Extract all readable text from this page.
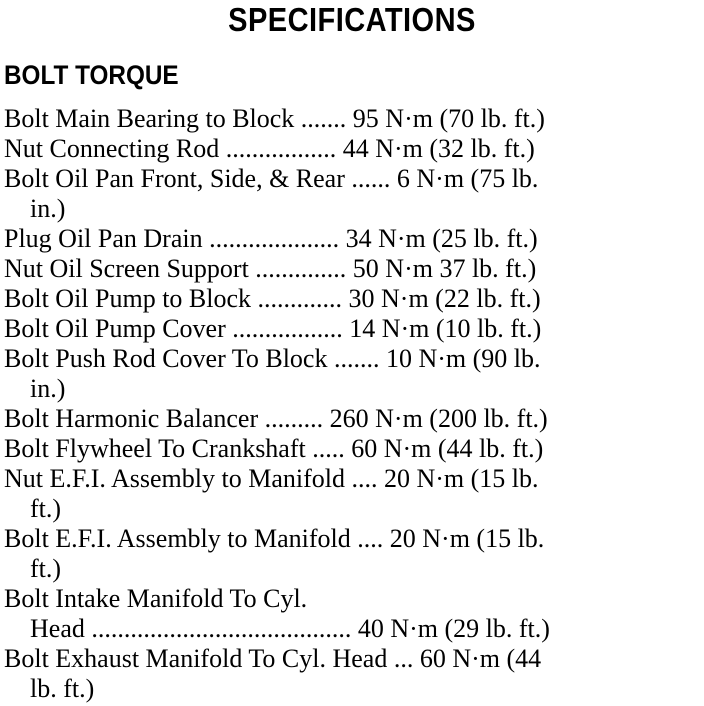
SPECIFICATIONS
BOLT TORQUE
Bolt Main Bearing to Block ....... 95 N·m (70 lb. ft.)
Nut Connecting Rod ................. 44 N·m (32 lb. ft.)
Bolt Oil Pan Front, Side, & Rear ...... 6 N·m (75 lb.
in.)
Plug Oil Pan Drain .................... 34 N·m (25 lb. ft.)
Nut Oil Screen Support .............. 50 N·m 37 lb. ft.)
Bolt Oil Pump to Block ............. 30 N·m (22 lb. ft.)
Bolt Oil Pump Cover ................. 14 N·m (10 lb. ft.)
Bolt Push Rod Cover To Block ....... 10 N·m (90 lb.
in.)
Bolt Harmonic Balancer ......... 260 N·m (200 lb. ft.)
Bolt Flywheel To Crankshaft ..... 60 N·m (44 lb. ft.)
Nut E.F.I. Assembly to Manifold .... 20 N·m (15 lb.
ft.)
Bolt E.F.I. Assembly to Manifold .... 20 N·m (15 lb.
ft.)
Bolt Intake Manifold To Cyl.
Head ........................................ 40 N·m (29 lb. ft.)
Bolt Exhaust Manifold To Cyl. Head ... 60 N·m (44
lb. ft.)
